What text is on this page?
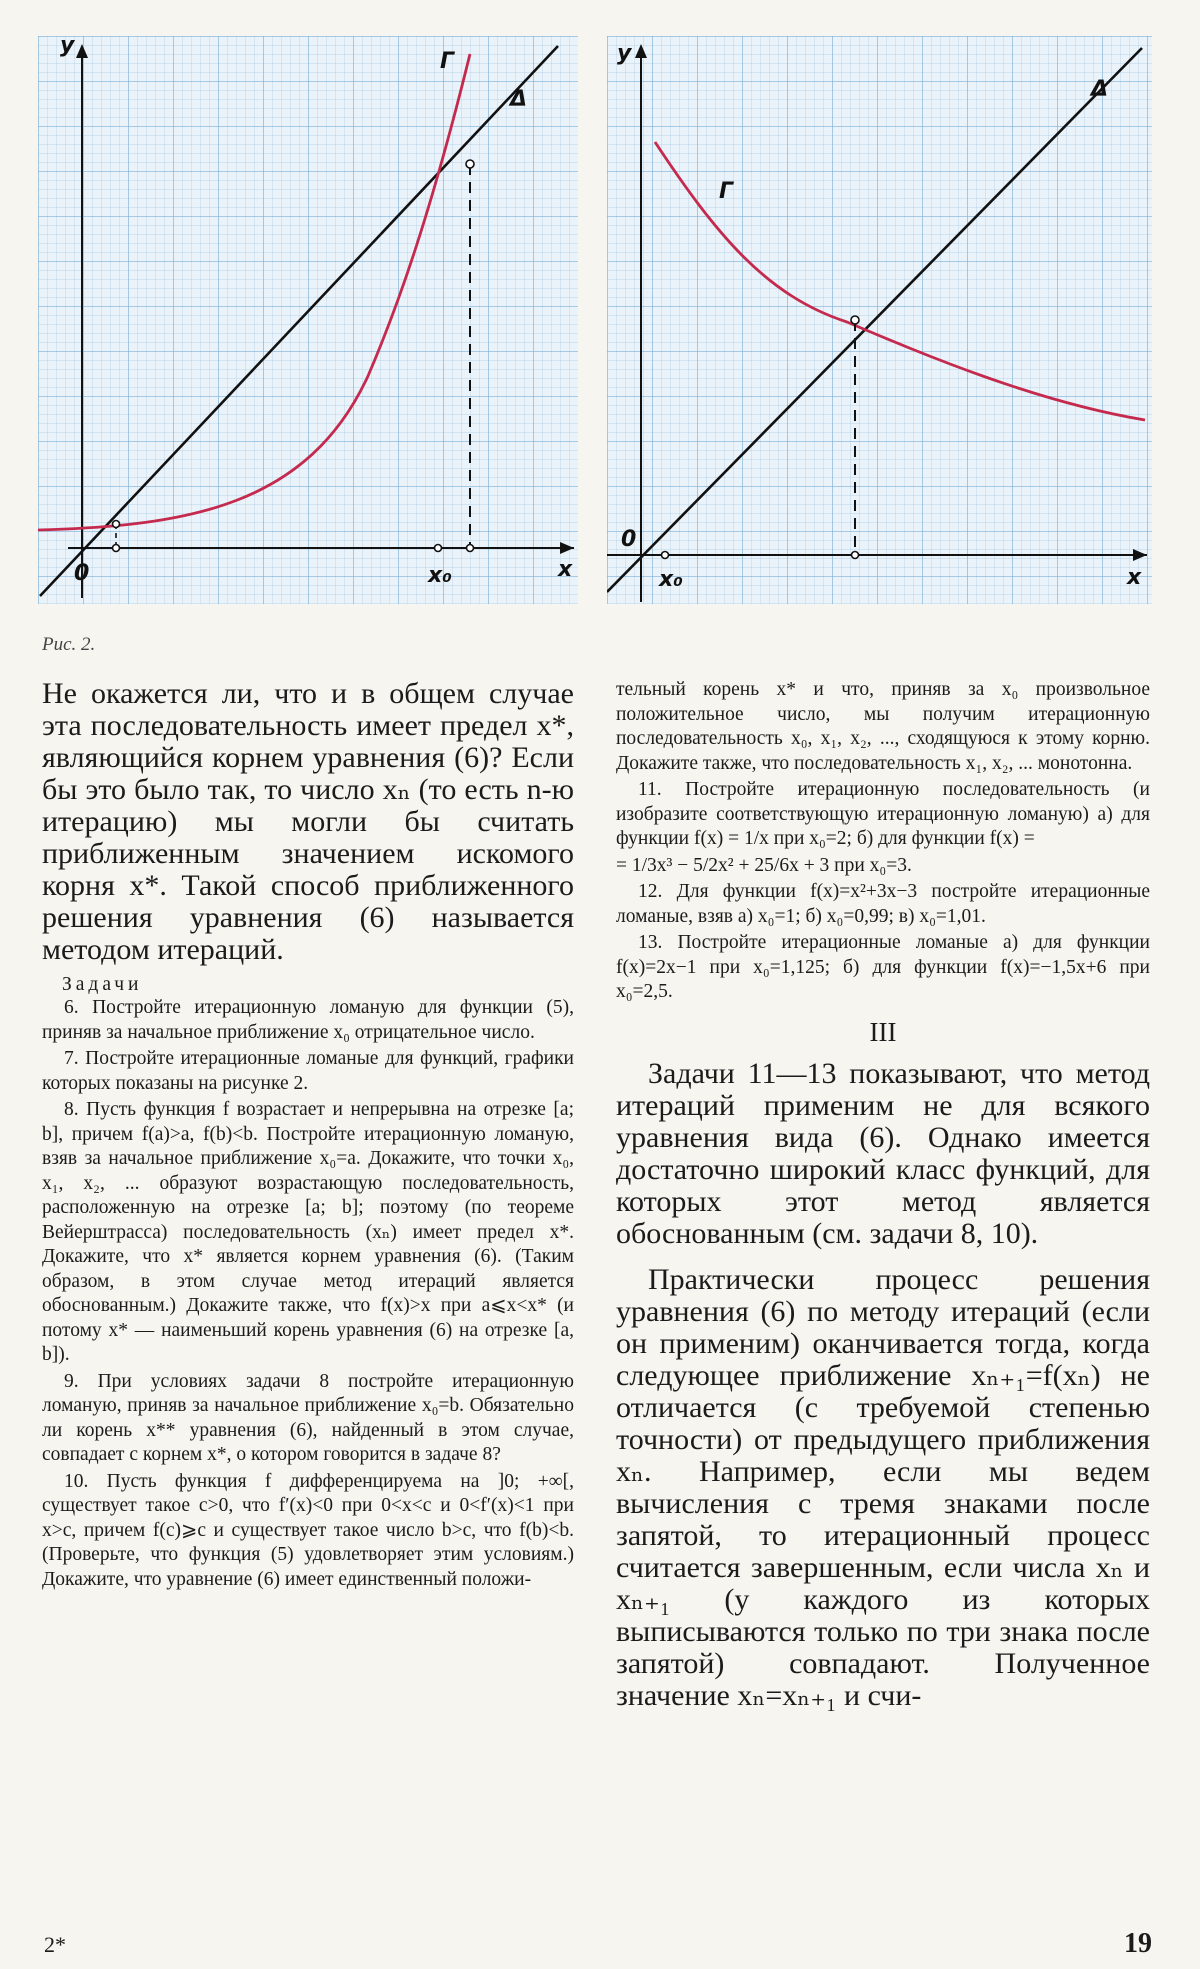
y
x
0	x₀
Г
Δ
y
x
0
x₀
Г
Δ
Рис. 2.

Не окажется ли, что и в общем случае эта последовательность имеет предел x*, являющийся корнем уравнения (6)? Если бы это было так, то число xₙ (то есть n-ю итерацию) мы могли бы считать приближенным значением искомого корня x*. Такой способ приближенного решения уравнения (6) называется методом итераций.

Задачи

6. Постройте итерационную ломаную для функции (5), приняв за начальное приближение x₀ отрицательное число.

7. Постройте итерационные ломаные для функций, графики которых показаны на рисунке 2.

8. Пусть функция f возрастает и непрерывна на отрезке [a; b], причем f(a)>a, f(b)<b. Постройте итерационную ломаную, взяв за начальное приближение x₀=a. Докажите, что точки x₀, x₁, x₂, ... образуют возрастающую последовательность, расположенную на отрезке [a; b]; поэтому (по теореме Вейерштрасса) последовательность (xₙ) имеет предел x*. Докажите, что x* является корнем уравнения (6). (Таким образом, в этом случае метод итераций является обоснованным.) Докажите также, что f(x)>x при a⩽x<x* (и потому x* — наименьший корень уравнения (6) на отрезке [a, b]).

9. При условиях задачи 8 постройте итерационную ломаную, приняв за начальное приближение x₀=b. Обязательно ли корень x** уравнения (6), найденный в этом случае, совпадает с корнем x*, о котором говорится в задаче 8?

10. Пусть функция f дифференцируема на ]0; +∞[, существует такое c>0, что f′(x)<0 при 0<x<c и 0<f′(x)<1 при x>c, причем f(c)⩾c и существует такое число b>c, что f(b)<b. (Проверьте, что функция (5) удовлетворяет этим условиям.) Докажите, что уравнение (6) имеет единственный положи-

тельный корень x* и что, приняв за x₀ произвольное положительное число, мы получим итерационную последовательность x₀, x₁, x₂, ..., сходящуюся к этому корню. Докажите также, что последовательность x₁, x₂, ... монотонна.

11. Постройте итерационную последовательность (и изобразите соответствующую итерационную ломаную) а) для функции f(x) = 1/x при x₀=2; б) для функции f(x) =

= 1/3x³ − 5/2x² + 25/6x + 3 при x₀=3.

12. Для функции f(x)=x²+3x−3 постройте итерационные ломаные, взяв а) x₀=1; б) x₀=0,99; в) x₀=1,01.

13. Постройте итерационные ломаные а) для функции f(x)=2x−1 при x₀=1,125; б) для функции f(x)=−1,5x+6 при x₀=2,5.

III

Задачи 11—13 показывают, что метод итераций применим не для всякого уравнения вида (6). Однако имеется достаточно широкий класс функций, для которых этот метод является обоснованным (см. задачи 8, 10).

Практически процесс решения уравнения (6) по методу итераций (если он применим) оканчивается тогда, когда следующее приближение xₙ₊₁=f(xₙ) не отличается (с требуемой степенью точности) от предыдущего приближения xₙ. Например, если мы ведем вычисления с тремя знаками после запятой, то итерационный процесс считается завершенным, если числа xₙ и xₙ₊₁ (у каждого из которых выписываются только по три знака после запятой) совпадают. Полученное значение xₙ=xₙ₊₁ и счи-

2*	19
